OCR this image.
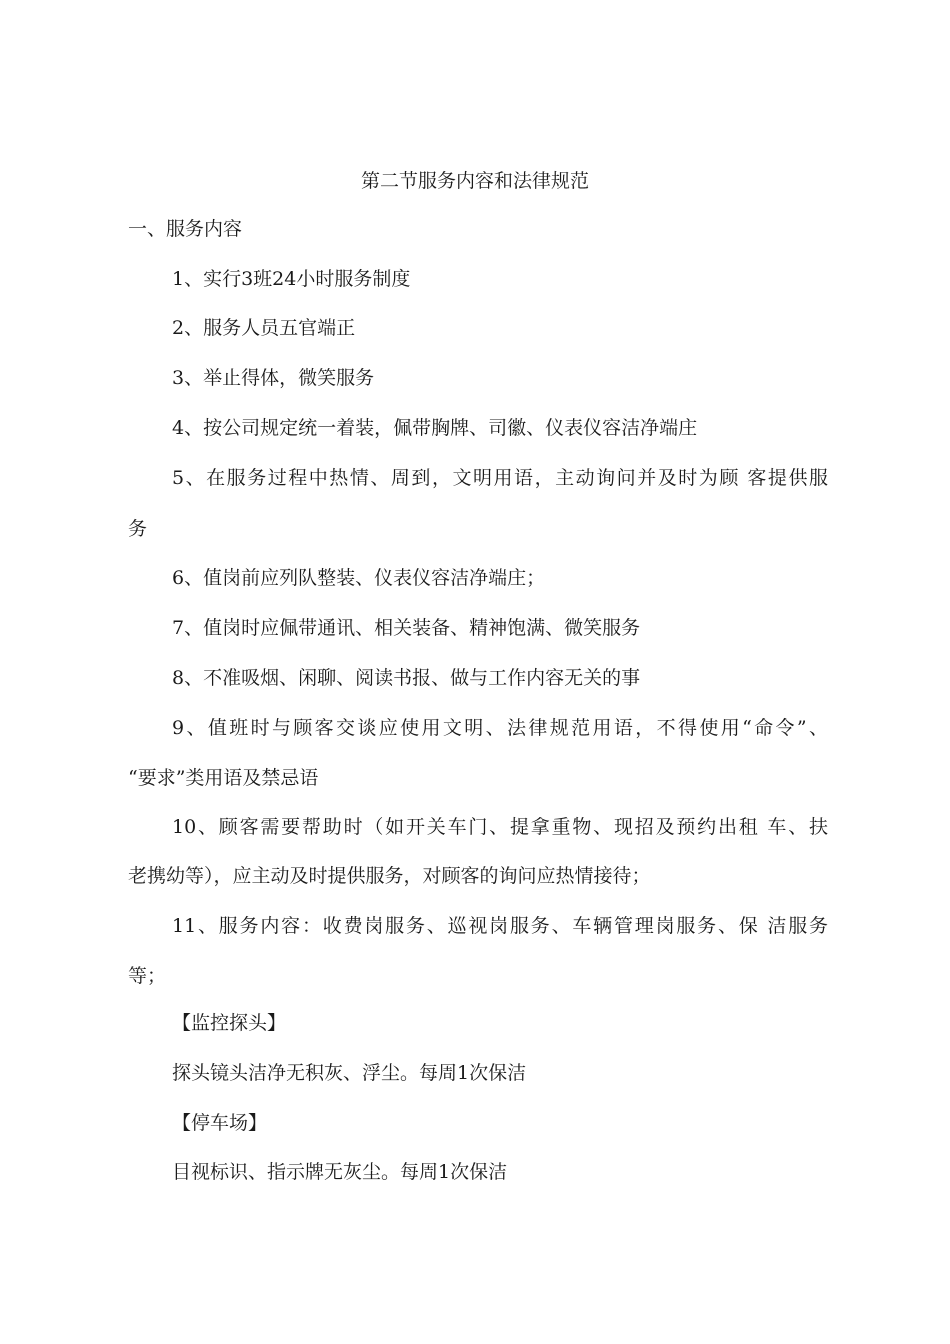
第二节服务内容和法律规范
一、服务内容
1、实行3班24小时服务制度
2、服务人员五官端正
3、举止得体，微笑服务
4、按公司规定统一着装，佩带胸牌、司徽、仪表仪容洁净端庄
5、在服务过程中热情、周到，文明用语，主动询问并及时为顾 客提供服
务
6、值岗前应列队整装、仪表仪容洁净端庄；
7、值岗时应佩带通讯、相关装备、精神饱满、微笑服务
8、不准吸烟、闲聊、阅读书报、做与工作内容无关的事
9、值班时与顾客交谈应使用文明、法律规范用语，不得使用“命令”、
“要求”类用语及禁忌语
10、顾客需要帮助时（如开关车门、提拿重物、现招及预约出租 车、扶
老携幼等），应主动及时提供服务，对顾客的询问应热情接待；
11、服务内容：收费岗服务、巡视岗服务、车辆管理岗服务、保 洁服务
等；
【监控探头】
探头镜头洁净无积灰、浮尘。每周1次保洁
【停车场】
目视标识、指示牌无灰尘。每周1次保洁
